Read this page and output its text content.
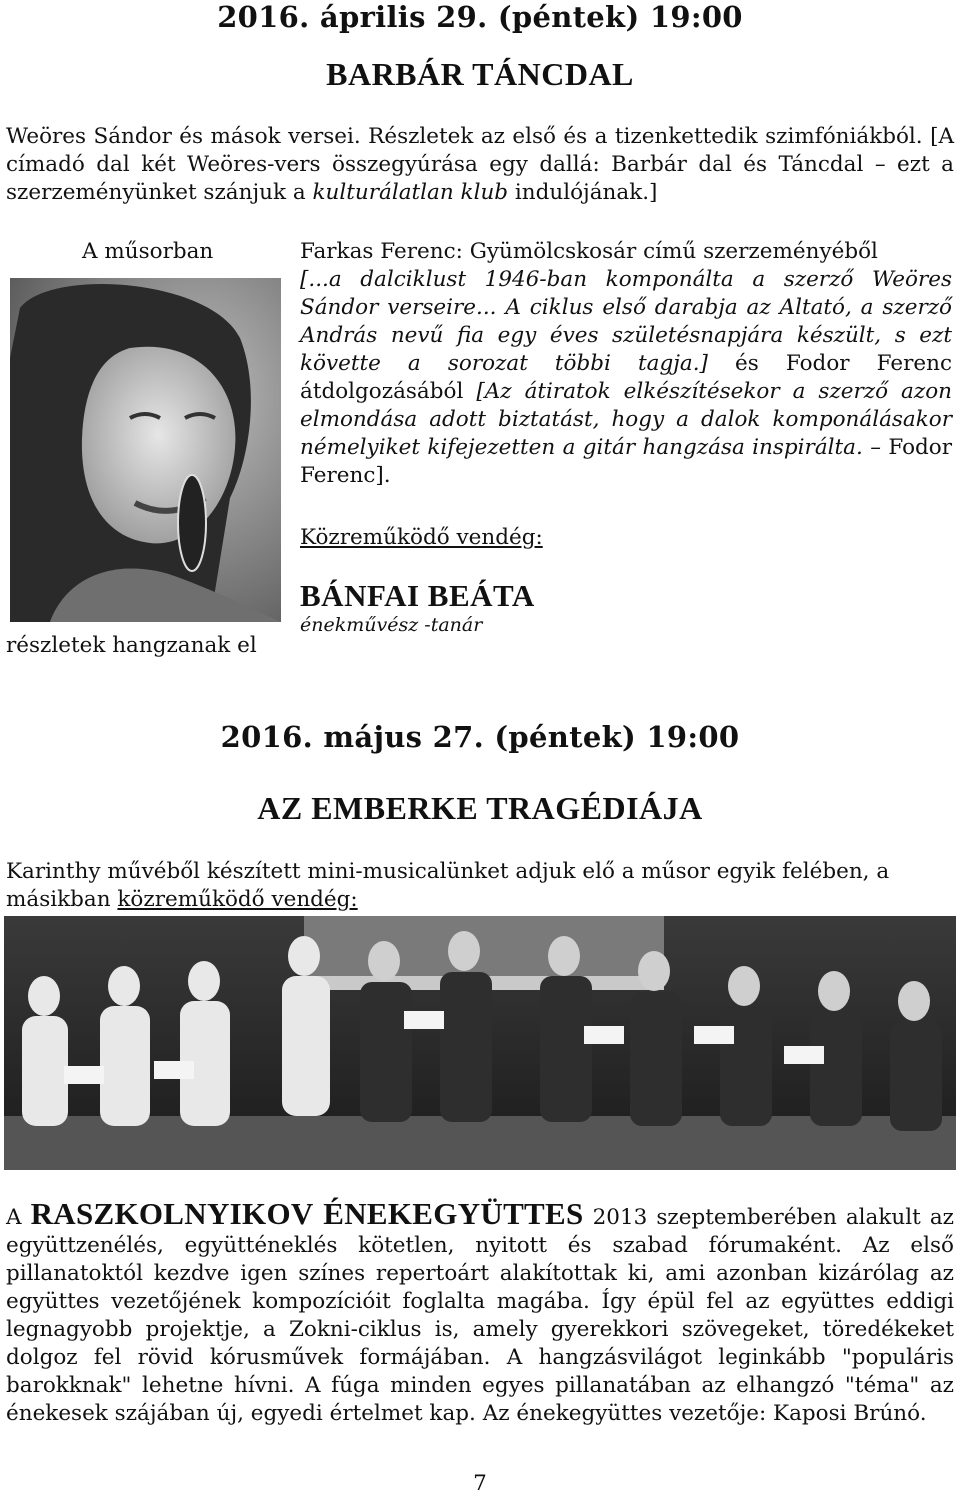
2016. április 29. (péntek) 19:00
BARBÁR TÁNCDAL
Weöres Sándor és mások versei. Részletek az első és a tizenkettedik szimfóniákból. [A címadó dal két Weöres-vers összegyúrása egy dallá: Barbár dal és Táncdal – ezt a szerzeményünket szánjuk a kulturálatlan klub indulójának.]
A műsorban
részletek hangzanak el
Farkas Ferenc: Gyümölcskosár című szerzeményéből
[...a dalciklust 1946-ban komponálta a szerző Weöres Sándor verseire... A ciklus első darabja az Altató, a szerző András nevű fia egy éves születésnapjára készült, s ezt követte a sorozat többi tagja.] és Fodor Ferenc átdolgozásából [Az átiratok elkészítésekor a szerző azon elmondása adott biztatást, hogy a dalok komponálásakor némelyiket kifejezetten a gitár hangzása inspirálta. – Fodor Ferenc].
Közreműködő vendég:
BÁNFAI BEÁTA
énekművész -tanár
2016. május 27. (péntek) 19:00
AZ EMBERKE TRAGÉDIÁJA
Karinthy művéből készített mini-musicalünket adjuk elő a műsor egyik felében, a másikban közreműködő vendég:
A RASZKOLNYIKOV ÉNEKEGYÜTTES 2013 szeptemberében alakult az együttzenélés, együtténeklés kötetlen, nyitott és szabad fórumaként. Az első pillanatoktól kezdve igen színes repertoárt alakítottak ki, ami azonban kizárólag az együttes vezetőjének kompozícióit foglalta magába. Így épül fel az együttes eddigi legnagyobb projektje, a Zokni-ciklus is, amely gyerekkori szövegeket, töredékeket dolgoz fel rövid kórusművek formájában. A hangzásvilágot leginkább "populáris barokknak" lehetne hívni. A fúga minden egyes pillanatában az elhangzó "téma" az énekesek szájában új, egyedi értelmet kap. Az énekegyüttes vezetője: Kaposi Brúnó.
7
